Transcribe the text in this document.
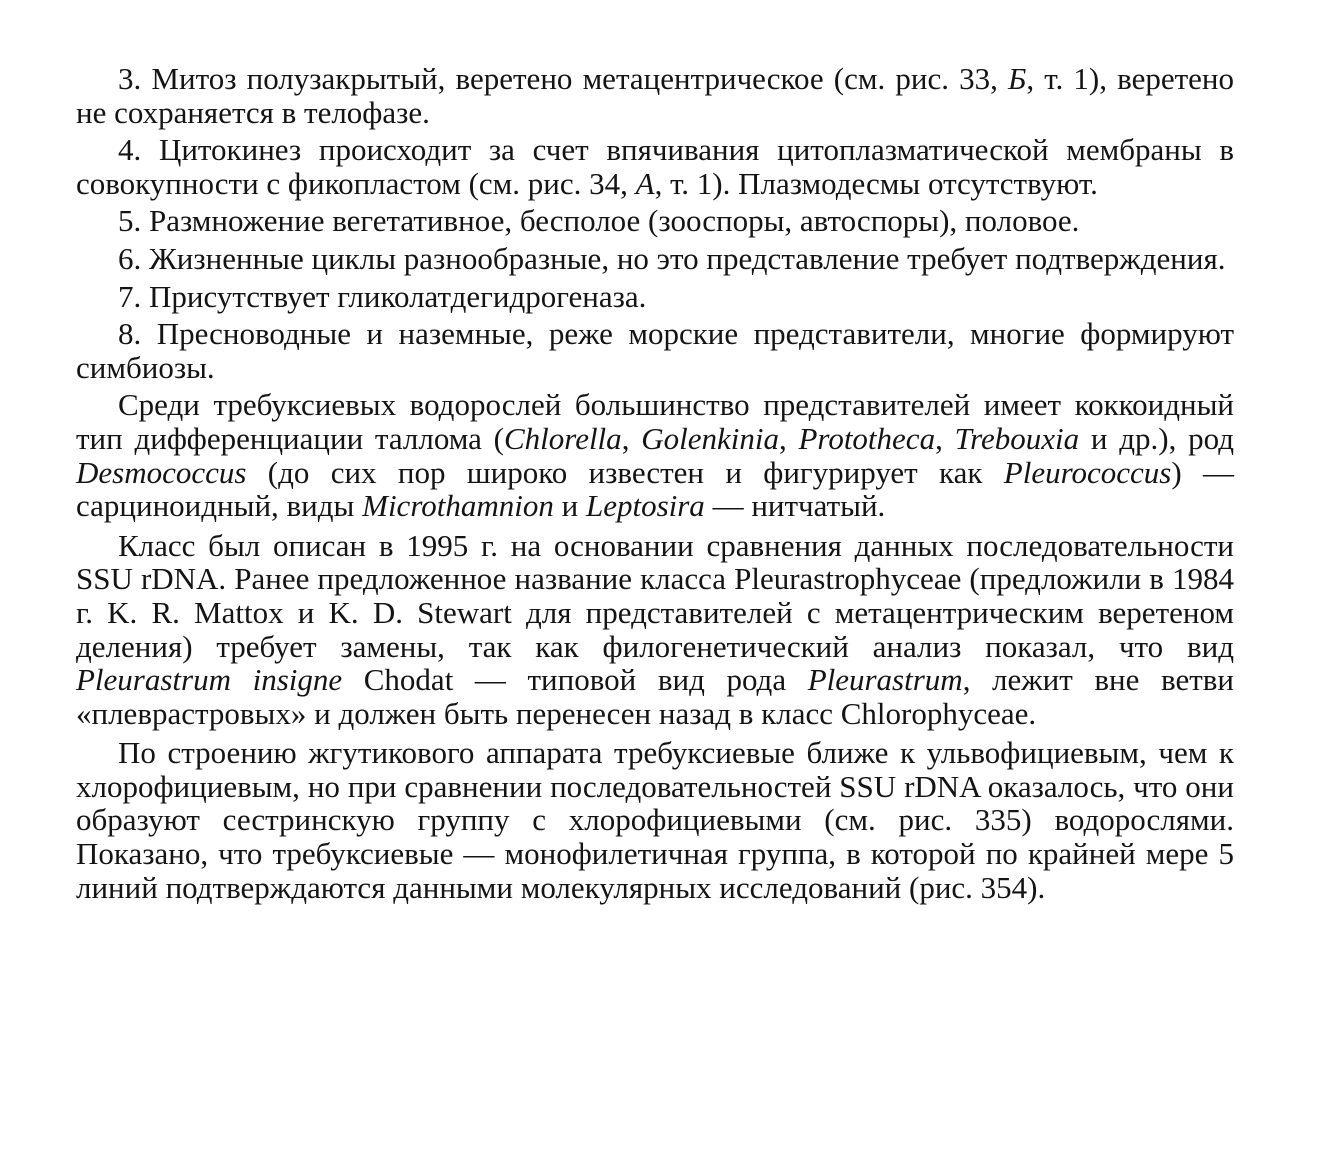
3. Митоз полузакрытый, веретено метацентрическое (см. рис. 33, Б, т. 1), веретено не сохраняется в телофазе.

4. Цитокинез происходит за счет впячивания цитоплазматической мембраны в совокупности с фикопластом (см. рис. 34, А, т. 1). Плазмодесмы отсутствуют.

5. Размножение вегетативное, бесполое (зооспоры, автоспоры), половое.

6. Жизненные циклы разнообразные, но это представление требует подтверждения.

7. Присутствует гликолатдегидрогеназа.

8. Пресноводные и наземные, реже морские представители, многие формируют симбиозы.

Среди требуксиевых водорослей большинство представителей имеет коккоидный тип дифференциации таллома (Chlorella, Golenkinia, Prototheca, Trebouxia и др.), род Desmococcus (до сих пор широко известен и фигурирует как Pleurococcus) — сарциноидный, виды Microthamnion и Leptosira — нитчатый.

Класс был описан в 1995 г. на основании сравнения данных последовательности SSU rDNA. Ранее предложенное название класса Pleurastrophyceae (предложили в 1984 г. K. R. Mattox и K. D. Stewart для представителей с метацентрическим веретеном деления) требует замены, так как филогенетический анализ показал, что вид Pleurastrum insigne Chodat — типовой вид рода Pleurastrum, лежит вне ветви «плеврастровых» и должен быть перенесен назад в класс Chlorophyceae.

По строению жгутикового аппарата требуксиевые ближе к ульвофициевым, чем к хлорофициевым, но при сравнении последовательностей SSU rDNA оказалось, что они образуют сестринскую группу с хлорофициевыми (см. рис. 335) водорослями. Показано, что требуксиевые — монофилетичная группа, в которой по крайней мере 5 линий подтверждаются данными молекулярных исследований (рис. 354).
